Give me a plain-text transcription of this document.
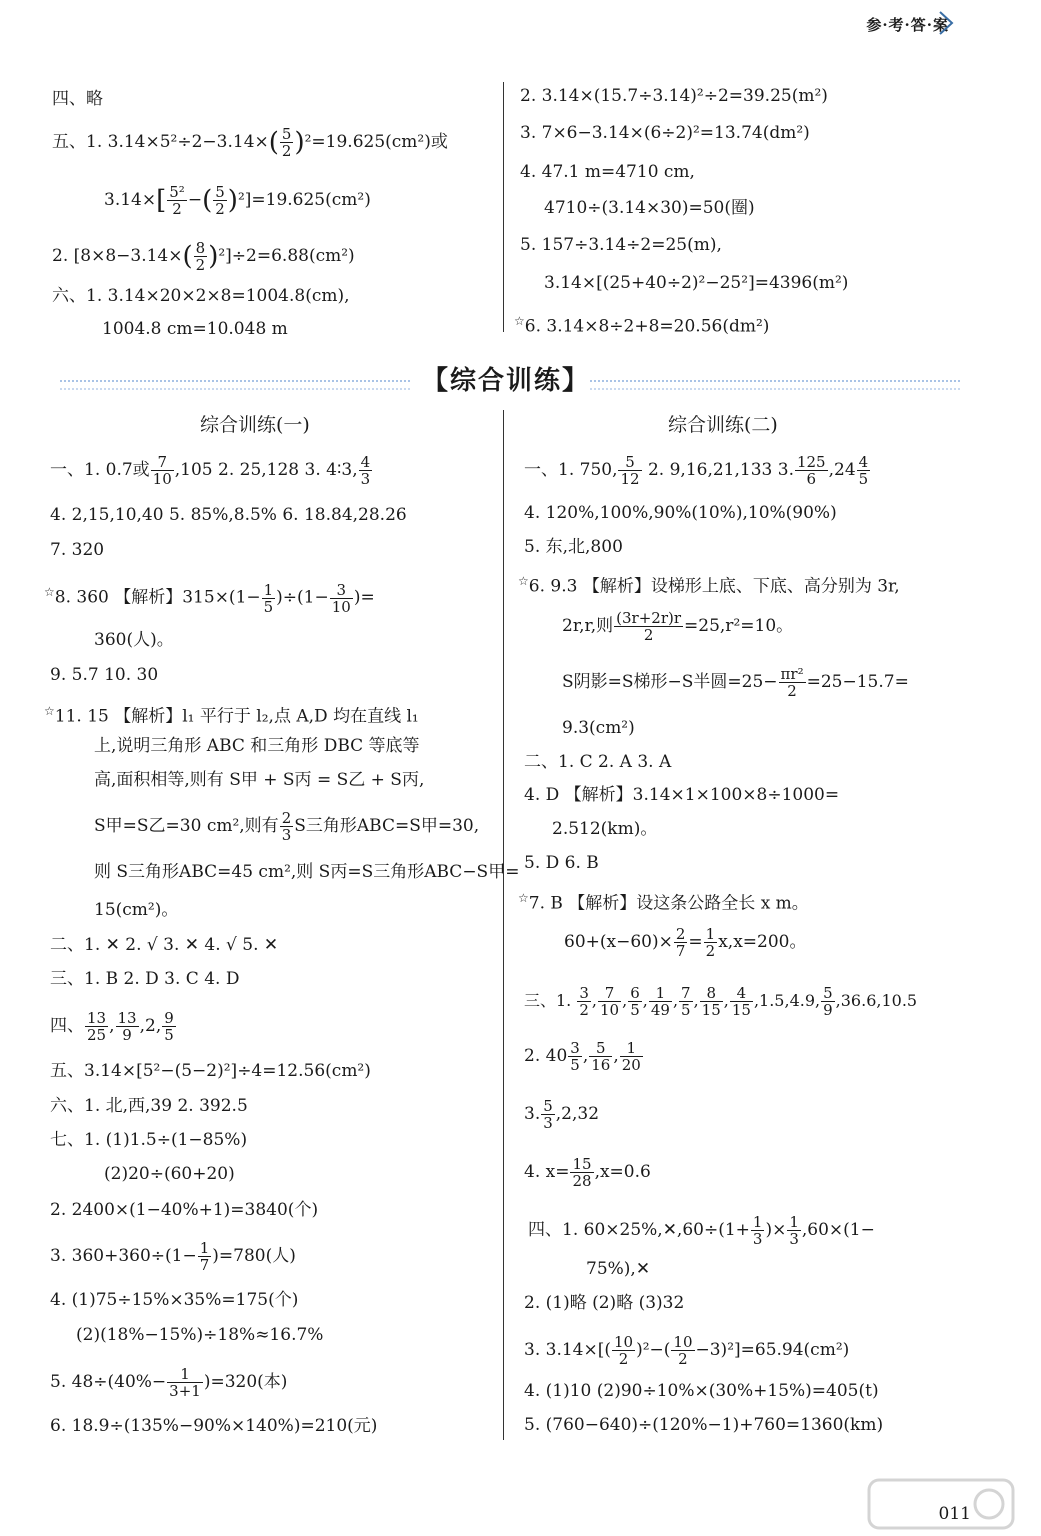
参·考·答·案
四、略
五、1. $3.14\times 5^2\div 2-3.14\times( \frac{5}{2} )^2=19.625(cm^2)$或
$3.14\times[ \frac{\text{5²}}{2}$ −( $\frac{5}{2} )^2]=19.625(cm^2)$
2. $[8\times 8-3.14\times( \frac{8}{2} )^2]\div 2=6.88(cm^2)$
六、1. 3.14×20×2×8=1004.8(cm),
1004.8 cm=10.048 m
2. 3.14×(15.7÷3.14)²÷2=39.25(m²)
3. 7×6−3.14×(6÷2)²=13.74(dm²)
4. 47.1 m=4710 cm,
4710÷(3.14×30)=50(圈)
5. 157÷3.14÷2=25(m),
3.14×[(25+40÷2)²−25²]=4396(m²)
☆6. 3.14×8÷2+8=20.56(dm²)
【综合训练】
综合训练(一)	综合训练(二)
一、1. 0.7或 $\frac{7}{10} ,105$ 2. 25,128 3. 4∶3, $\frac{4}{3}$
4. 2,15,10,40 5. 85%,8.5% 6. 18.84,28.26
7. 320
☆8. 360 【解析】$315\times(1- \frac{1}{5} )\div(1- \frac{3}{10}$ )=
360(人)。
9. 5.7 10. 30
☆11. 15 【解析】l₁ 平行于 l₂,点 A,D 均在直线 l₁
上,说明三角形 ABC 和三角形 DBC 等底等
高,面积相等,则有 S甲 + S丙 = S乙 + S丙,
S甲=S乙=30 cm²,则有 $\frac{2}{3}$ S三角形ABC=S甲=30,
则 S三角形ABC=45 cm²,则 S丙=S三角形ABC−S甲=
15(cm²)。
二、1. ✕ 2. √ 3. ✕ 4. √ 5. ✕
三、1. B 2. D 3. C 4. D
四、 $\frac{13}{25}$ , $\frac{13}{9} ,2$, $\frac{9}{5}$
五、3.14×[5²−(5−2)²]÷4=12.56(cm²)
六、1. 北,西,39 2. 392.5
七、1. (1)1.5÷(1−85%)
(2)20÷(60+20)
2. 2400×(1−40%+1)=3840(个)
3. $360+360\div(1- \frac{1}{7} )=780$(人)
4. (1)75÷15%×35%=175(个)
(2)(18%−15%)÷18%≈16.7%
5. $48\div(40\%- \frac{1}{3+1} )=320$(本)
6. 18.9÷(135%−90%×140%)=210(元)
一、1. 750, $\frac{5}{12} 2$. 9,16,21,133 3. $\frac{125}{6} ,24 \frac{4}{5}$
4. 120%,100%,90%(10%),10%(90%)
5. 东,北,800
☆6. 9.3 【解析】设梯形上底、下底、高分别为 3r,
2r,r,则 $\frac{(3r+2r)r}{2} =25,r^2=10$。
S阴影=S梯形−S半圆$=25- \frac{\text{πr²}}{2} =25-15.7=$
9.3(cm²)
二、1. C 2. A 3. A
4. D 【解析】3.14×1×100×8÷1000=
2.512(km)。
5. D 6. B
☆7. B 【解析】设这条公路全长 x m。
$60+(x-60)\times \frac{2}{7} = \frac{1}{2} x,x=200$。
三、1. $\frac{3}{2}$ , $\frac{7}{10}$ , $\frac{6}{5}$ , $\frac{1}{49}$ , $\frac{7}{5}$ , $\frac{8}{15}$ , $\frac{4}{15} ,1.5,4.9$, $\frac{5}{9} ,36.6,10.5$
2. $40 \frac{3}{5}$ , $\frac{5}{16}$ , $\frac{1}{20}$
3. $\frac{5}{3} ,2,32$
4. $x= \frac{15}{28} ,x=0.6$
四、1. 60×25%,✕,60÷(1+ $\frac{1}{3}$ )× $\frac{1}{3} ,60\times(1-$
75%),✕
2. (1)略 (2)略 (3)32
3. $3.14\times[( \frac{10}{2} )^2-( \frac{10}{2} -3)^2]=65.94(cm^2)$
4. (1)10 (2)90÷10%×(30%+15%)=405(t)
5. (760−640)÷(120%−1)+760=1360(km)
011
